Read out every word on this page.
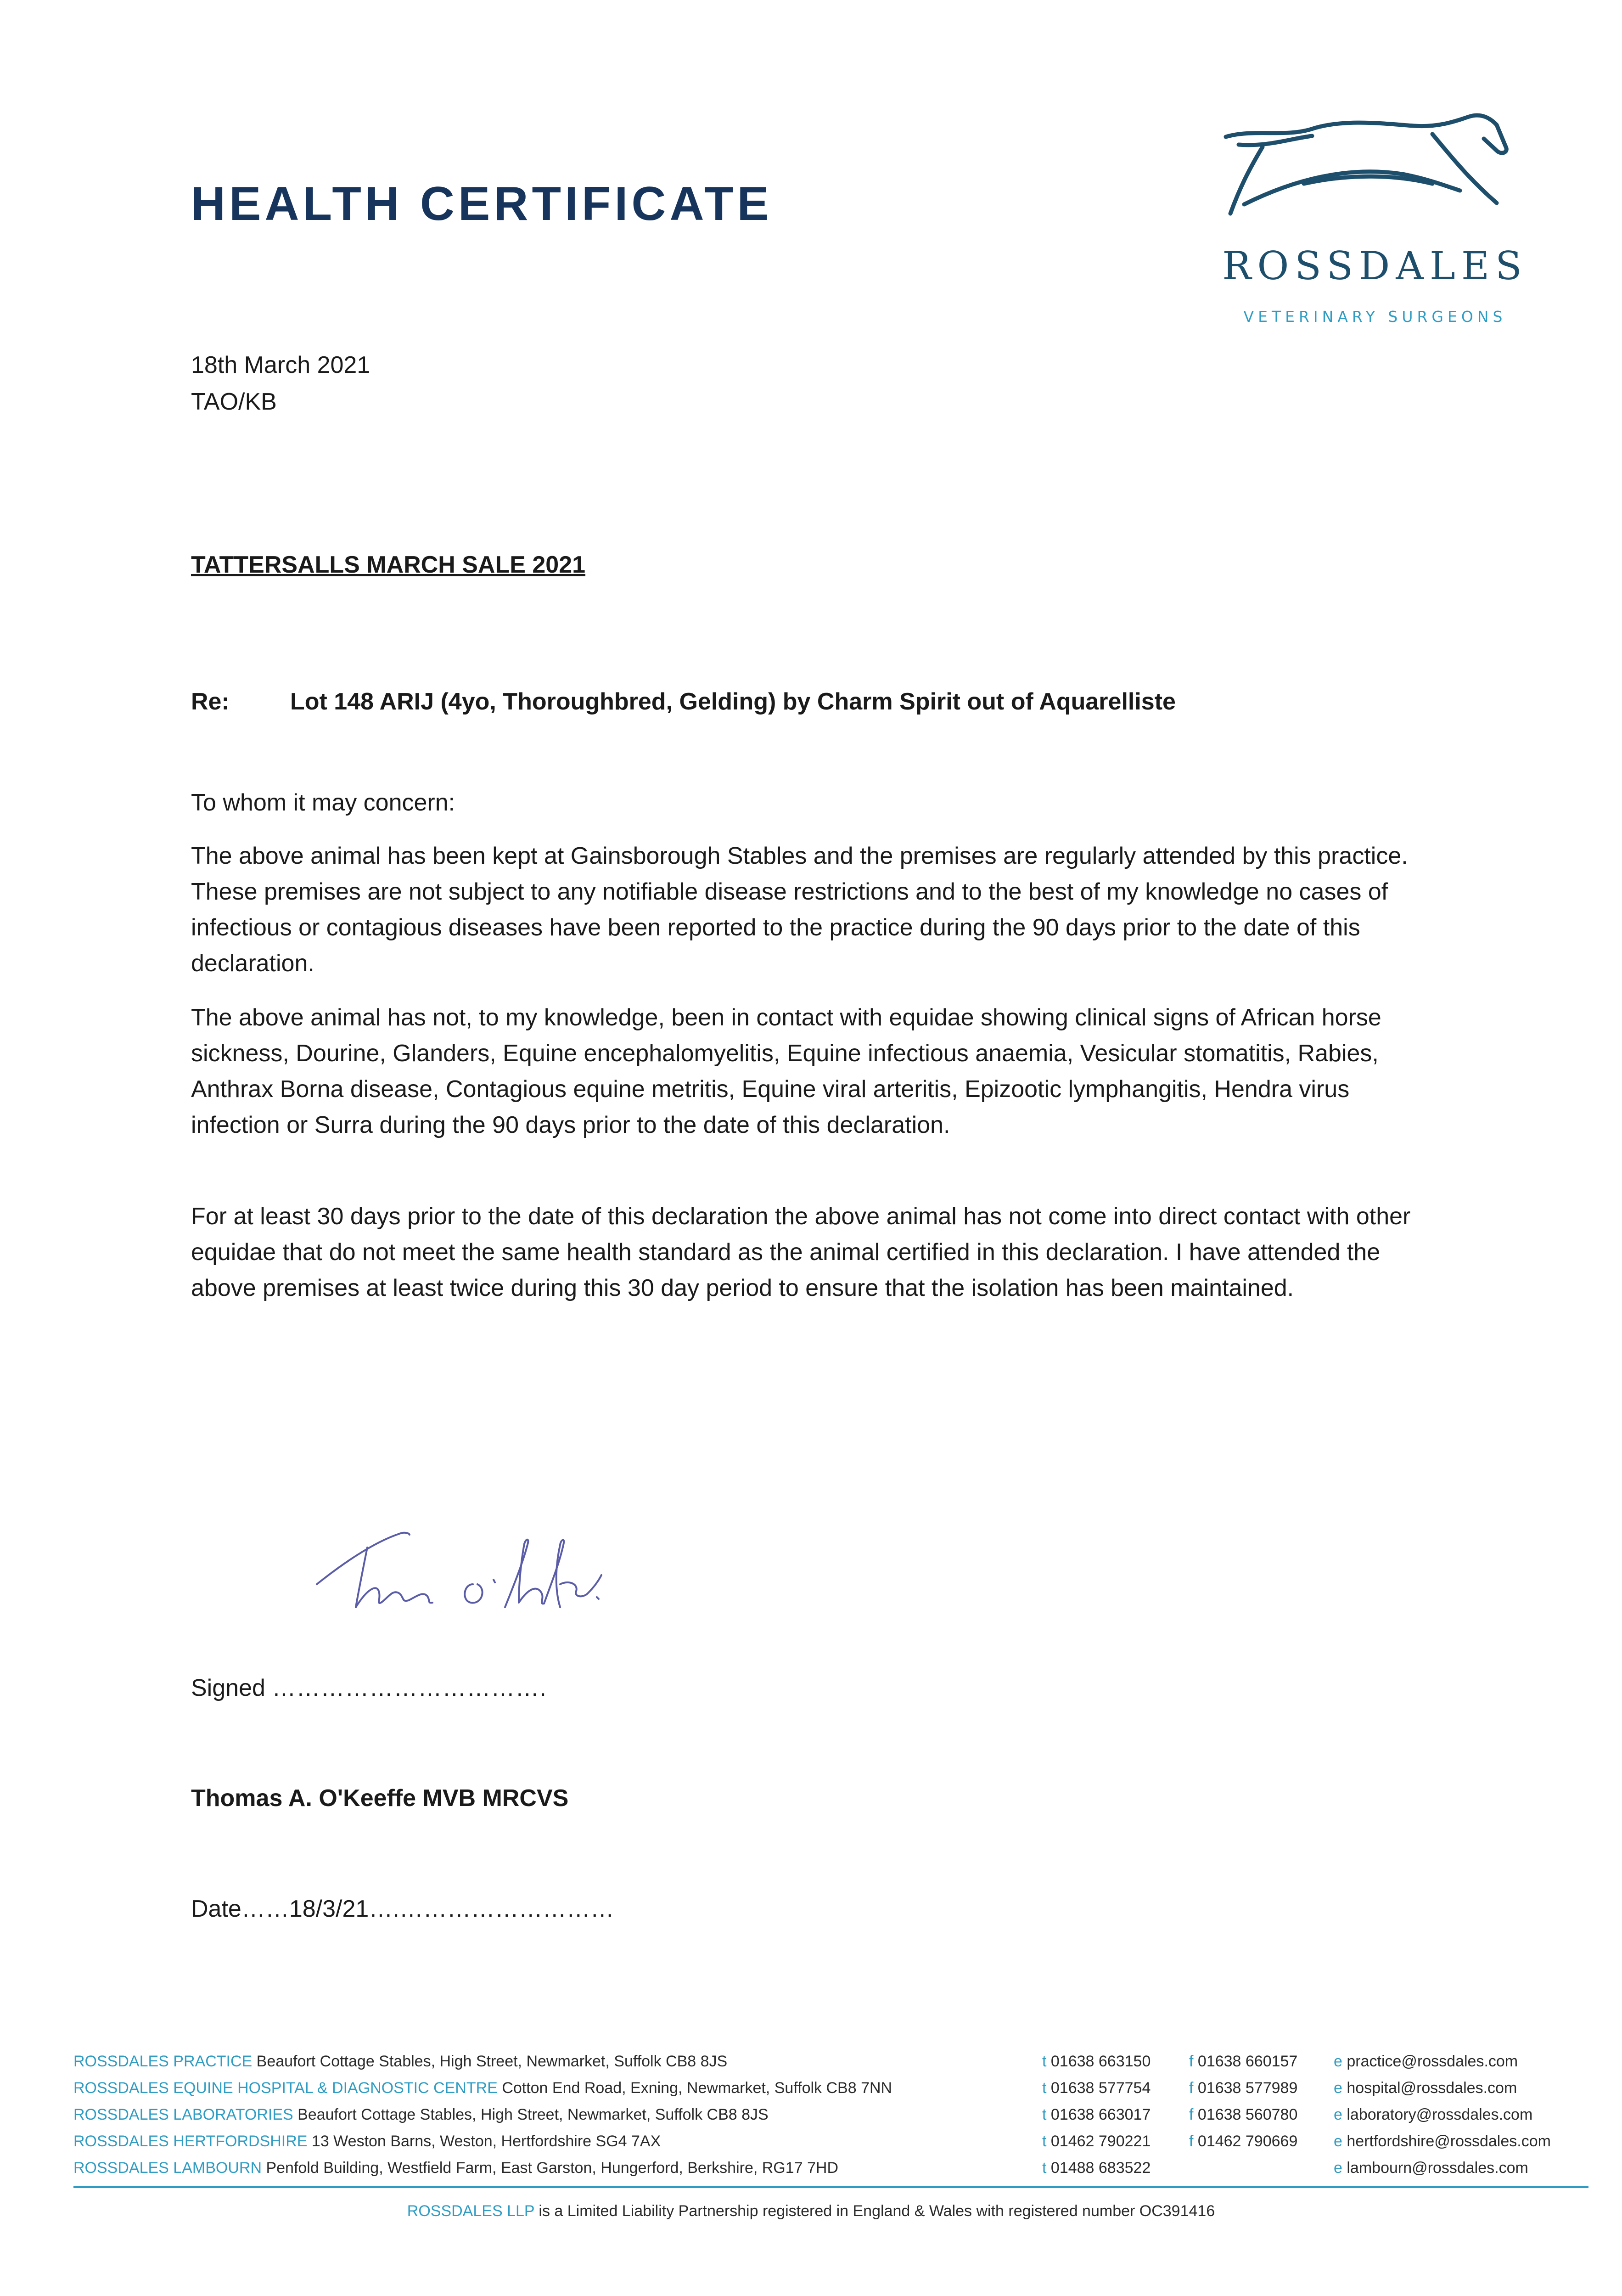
HEALTH CERTIFICATE
ROSSDALES
VETERINARY SURGEONS
18th March 2021
TAO/KB
TATTERSALLS MARCH SALE 2021
Re:	Lot 148 ARIJ (4yo, Thoroughbred, Gelding) by Charm Spirit out of Aquarelliste
To whom it may concern:

The above animal has been kept at Gainsborough Stables and the premises are regularly attended by this practice. These premises are not subject to any notifiable disease restrictions and to the best of my knowledge no cases of infectious or contagious diseases have been reported to the practice during the 90 days prior to the date of this declaration.

The above animal has not, to my knowledge, been in contact with equidae showing clinical signs of African horse sickness, Dourine, Glanders, Equine encephalomyelitis, Equine infectious anaemia, Vesicular stomatitis, Rabies, Anthrax Borna disease, Contagious equine metritis, Equine viral arteritis, Epizootic lymphangitis, Hendra virus infection or Surra during the 90 days prior to the date of this declaration.

For at least 30 days prior to the date of this declaration the above animal has not come into direct contact with other equidae that do not meet the same health standard as the animal certified in this declaration. I have attended the above premises at least twice during this 30 day period to ensure that the isolation has been maintained.

Signed …………………………….
Thomas A. O'Keeffe MVB MRCVS
Date……18/3/21….………………………
ROSSDALES PRACTICE Beaufort Cottage Stables, High Street, Newmarket, Suffolk CB8 8JS	t 01638 663150 f 01638 660157 e practice@rossdales.com
ROSSDALES EQUINE HOSPITAL & DIAGNOSTIC CENTRE Cotton End Road, Exning, Newmarket, Suffolk CB8 7NN	t 01638 577754 f 01638 577989 e hospital@rossdales.com
ROSSDALES LABORATORIES Beaufort Cottage Stables, High Street, Newmarket, Suffolk CB8 8JS	t 01638 663017 f 01638 560780 e laboratory@rossdales.com
ROSSDALES HERTFORDSHIRE 13 Weston Barns, Weston, Hertfordshire SG4 7AX	t 01462 790221 f 01462 790669 e hertfordshire@rossdales.com
ROSSDALES LAMBOURN Penfold Building, Westfield Farm, East Garston, Hungerford, Berkshire, RG17 7HD	t 01488 683522	e lambourn@rossdales.com
ROSSDALES LLP is a Limited Liability Partnership registered in England & Wales with registered number OC391416
